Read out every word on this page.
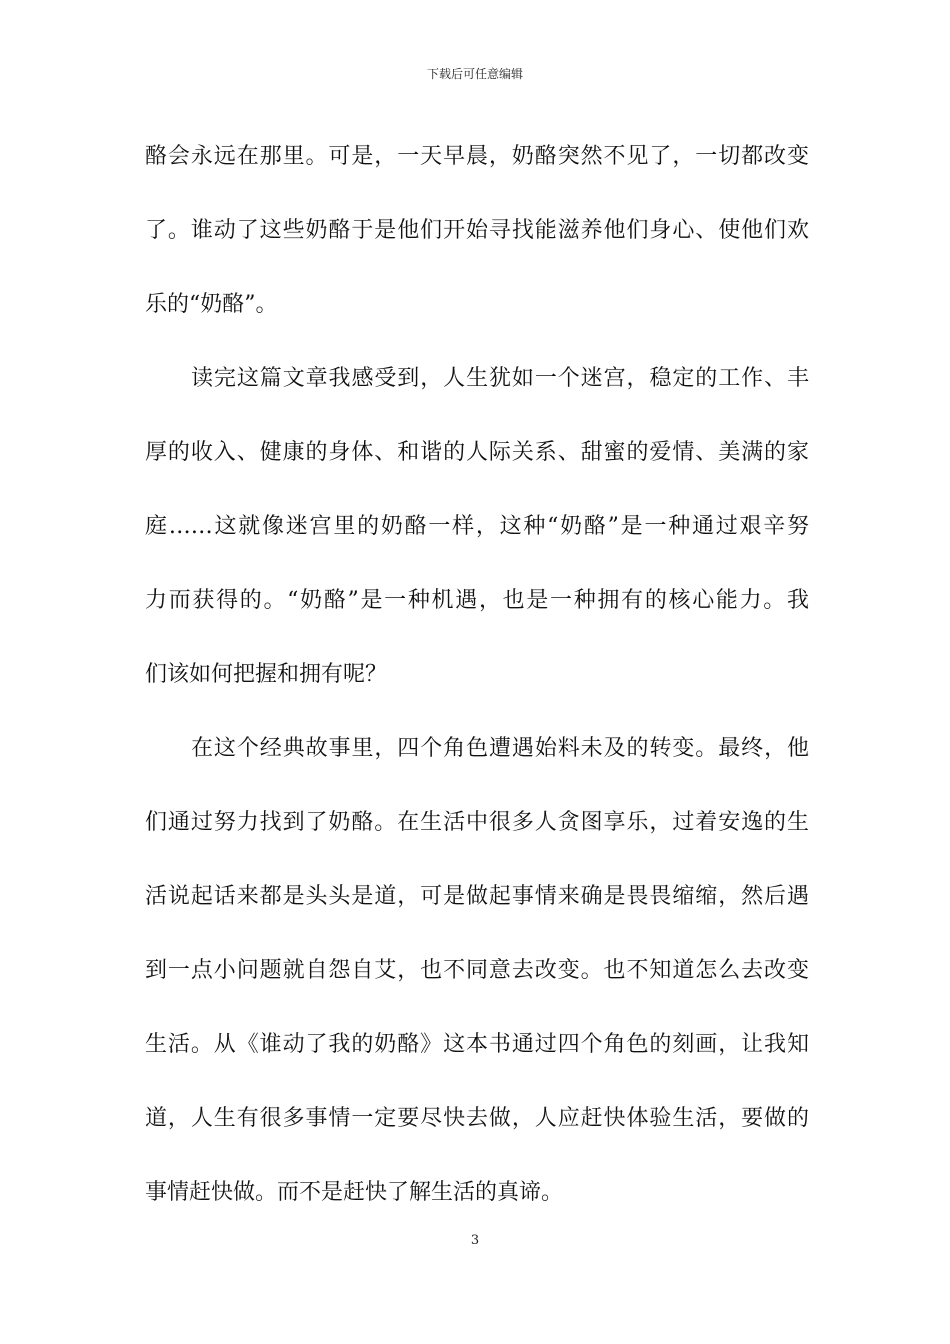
下载后可任意编辑
酪会永远在那里。可是，一天早晨，奶酪突然不见了，一切都改变
了。谁动了这些奶酪于是他们开始寻找能滋养他们身心、使他们欢
乐的“奶酪”。
读完这篇文章我感受到，人生犹如一个迷宫，稳定的工作、丰
厚的收入、健康的身体、和谐的人际关系、甜蜜的爱情、美满的家
庭……这就像迷宫里的奶酪一样，这种“奶酪”是一种通过艰辛努
力而获得的。“奶酪”是一种机遇，也是一种拥有的核心能力。我
们该如何把握和拥有呢？
在这个经典故事里，四个角色遭遇始料未及的转变。最终，他
们通过努力找到了奶酪。在生活中很多人贪图享乐，过着安逸的生
活说起话来都是头头是道，可是做起事情来确是畏畏缩缩，然后遇
到一点小问题就自怨自艾，也不同意去改变。也不知道怎么去改变
生活。从《谁动了我的奶酪》这本书通过四个角色的刻画，让我知
道，人生有很多事情一定要尽快去做，人应赶快体验生活，要做的
事情赶快做。而不是赶快了解生活的真谛。
3
